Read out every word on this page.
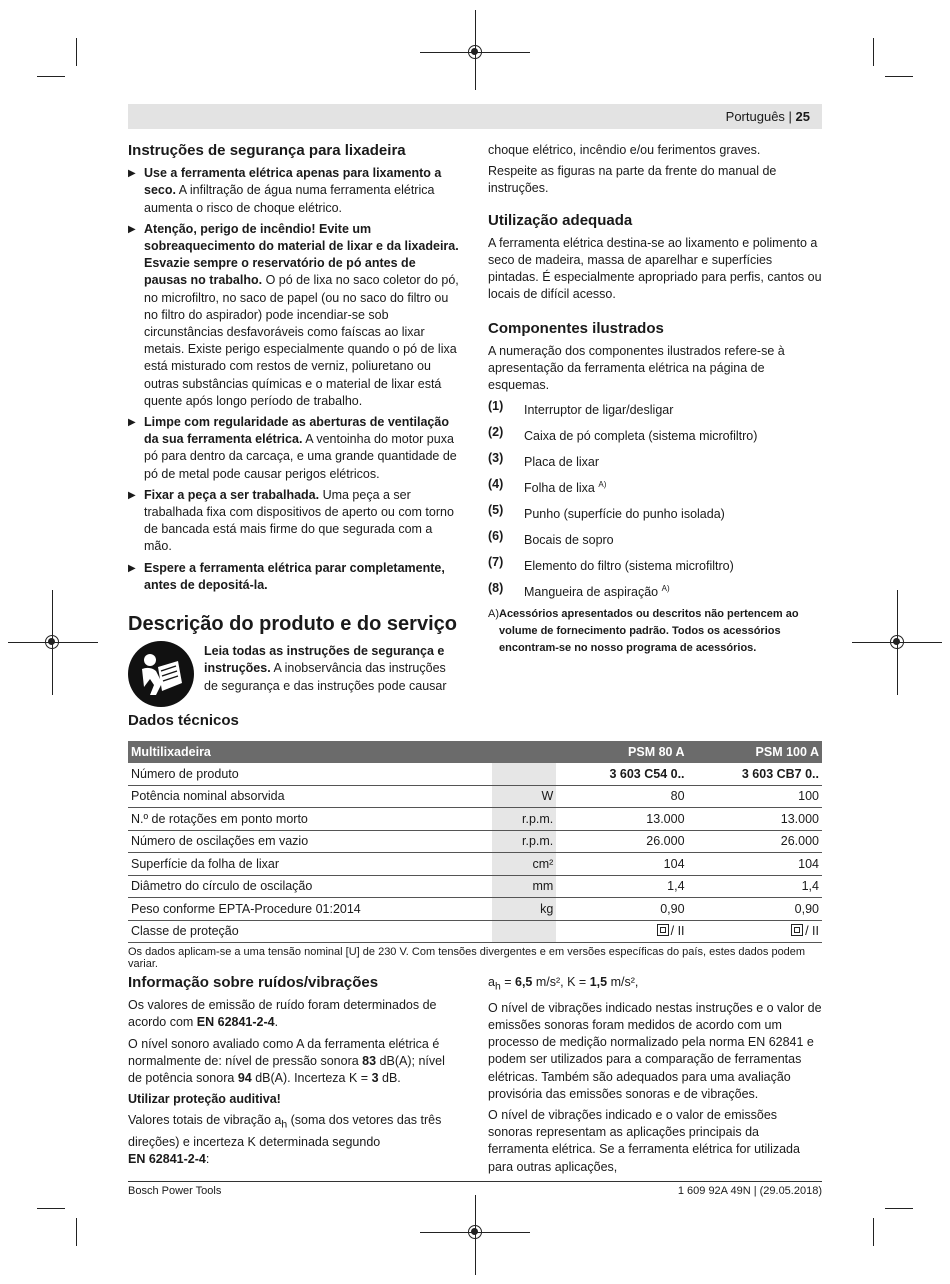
Português | 25
Instruções de segurança para lixadeira
▶ Use a ferramenta elétrica apenas para lixamento a seco. A infiltração de água numa ferramenta elétrica aumenta o risco de choque elétrico.
▶ Atenção, perigo de incêndio! Evite um sobreaquecimento do material de lixar e da lixadeira. Esvazie sempre o reservatório de pó antes de pausas no trabalho. O pó de lixa no saco coletor do pó, no microfiltro, no saco de papel (ou no saco do filtro ou no filtro do aspirador) pode incendiar-se sob circunstâncias desfavoráveis como faíscas ao lixar metais. Existe perigo especialmente quando o pó de lixa está misturado com restos de verniz, poliuretano ou outras substâncias químicas e o material de lixar está quente após longo período de trabalho.
▶ Limpe com regularidade as aberturas de ventilação da sua ferramenta elétrica. A ventoinha do motor puxa pó para dentro da carcaça, e uma grande quantidade de pó de metal pode causar perigos elétricos.
▶ Fixar a peça a ser trabalhada. Uma peça a ser trabalhada fixa com dispositivos de aperto ou com torno de bancada está mais firme do que segurada com a mão.
▶ Espere a ferramenta elétrica parar completamente, antes de depositá-la.
Descrição do produto e do serviço
Leia todas as instruções de segurança e instruções. A inobservância das instruções de segurança e das instruções pode causar

choque elétrico, incêndio e/ou ferimentos graves.

Respeite as figuras na parte da frente do manual de instruções.

Utilização adequada

A ferramenta elétrica destina-se ao lixamento e polimento a seco de madeira, massa de aparelhar e superfícies pintadas. É especialmente apropriado para perfis, cantos ou locais de difícil acesso.

Componentes ilustrados

A numeração dos componentes ilustrados refere-se à apresentação da ferramenta elétrica na página de esquemas.

(1)	Interruptor de ligar/desligar
(2)	Caixa de pó completa (sistema microfiltro)
(3)	Placa de lixar
(4)	Folha de lixa $^{A)}$
(5)	Punho (superfície do punho isolada)
(6)	Bocais de sopro
(7)	Elemento do filtro (sistema microfiltro)
(8)	Mangueira de aspiração $^{A)}$
A) Acessórios apresentados ou descritos não pertencem ao volume de fornecimento padrão. Todos os acessórios encontram-se no nosso programa de acessórios.
Dados técnicos
Multilixadeira			PSM 80 A		PSM 100 A
Número de produto			3 603 C54 0..		3 603 CB7 0..
Potência nominal absorvida	W		80		100
N.º de rotações em ponto morto	r.p.m.		13.000		13.000
Número de oscilações em vazio	r.p.m.		26.000		26.000
Superfície da folha de lixar	cm²		104		104
Diâmetro do círculo de oscilação	mm		1,4		1,4
Peso conforme EPTA-Procedure 01:2014	kg		0,90		0,90
Classe de proteção			/ II		/ II
Os dados aplicam-se a uma tensão nominal [U] de 230 V. Com tensões divergentes e em versões específicas do país, estes dados podem variar.
Informação sobre ruídos/vibrações

Os valores de emissão de ruído foram determinados de acordo com EN 62841-2-4.

O nível sonoro avaliado como A da ferramenta elétrica é normalmente de: nível de pressão sonora 83 dB(A); nível de potência sonora 94 dB(A). Incerteza K = 3 dB.

Utilizar proteção auditiva!

Valores totais de vibração $a_h$ (soma dos vetores das três direções) e incerteza K determinada segundo
EN 62841-2-4:

$a_h = 6,5$ m/s², K = 1,5 m/s²,

O nível de vibrações indicado nestas instruções e o valor de emissões sonoras foram medidos de acordo com um processo de medição normalizado pela norma EN 62841 e podem ser utilizados para a comparação de ferramentas elétricas. Também são adequados para uma avaliação provisória das emissões sonoras e de vibrações.

O nível de vibrações indicado e o valor de emissões sonoras representam as aplicações principais da ferramenta elétrica. Se a ferramenta elétrica for utilizada para outras aplicações,

Bosch Power Tools	1 609 92A 49N | (29.05.2018)
